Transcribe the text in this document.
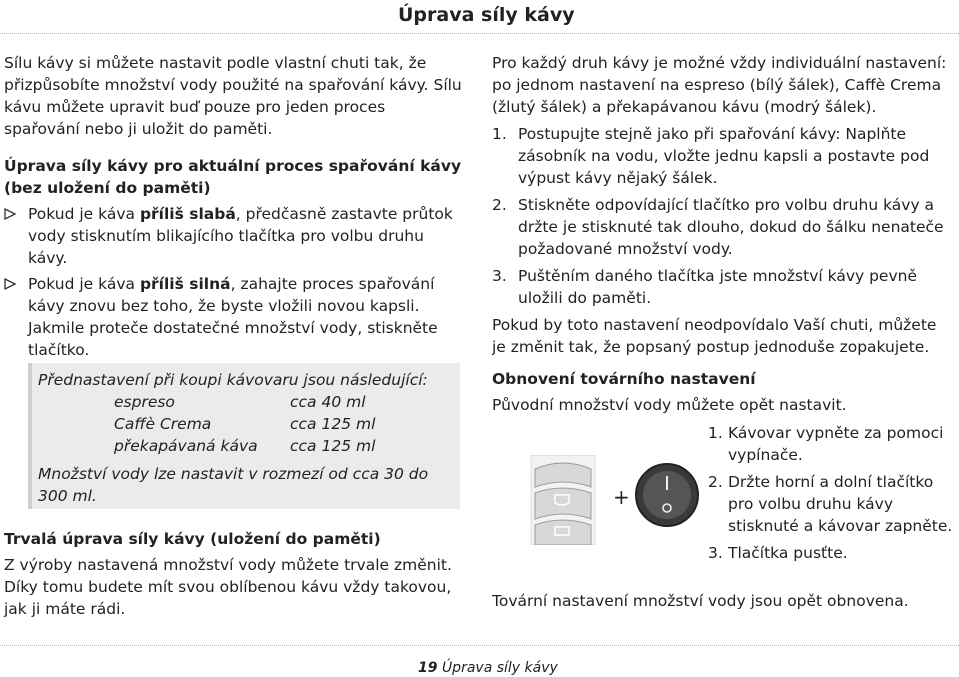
Úprava síly kávy

Sílu kávy si můžete nastavit podle vlastní chuti tak, že přizpůsobíte množství vody použité na spařování kávy. Sílu kávu můžete upravit buď pouze pro jeden proces spařování nebo ji uložit do paměti.

Úprava síly kávy pro aktuální proces spařování kávy (bez uložení do paměti)

Pokud je káva příliš slabá, předčasně zastavte průtok vody stisknutím blikajícího tlačítka pro volbu druhu kávy.
Pokud je káva příliš silná, zahajte proces spařování kávy znovu bez toho, že byste vložili novou kapsli. Jakmile proteče dostatečné množství vody, stiskněte tlačítko.
Přednastavení při koupi kávovaru jsou následující:
espreso	cca 40 ml
Caffè Crema	cca 125 ml
překapávaná káva	cca 125 ml
Množství vody lze nastavit v rozmezí od cca 30 do 300 ml.

Trvalá úprava síly kávy (uložení do paměti)

Z výroby nastavená množství vody můžete trvale změnit. Díky tomu budete mít svou oblíbenou kávu vždy takovou, jak ji máte rádi.

Pro každý druh kávy je možné vždy individuální nastavení: po jednom nastavení na espreso (bílý šálek), Caffè Crema (žlutý šálek) a překapávanou kávu (modrý šálek).

1. Postupujte stejně jako při spařování kávy: Naplňte zásobník na vodu, vložte jednu kapsli a postavte pod výpust kávy nějaký šálek.
2. Stiskněte odpovídající tlačítko pro volbu druhu kávy a držte je stisknuté tak dlouho, dokud do šálku nenateče požadované množství vody.
3. Puštěním daného tlačítka jste množství kávy pevně uložili do paměti.

Pokud by toto nastavení neodpovídalo Vaší chuti, můžete je změnit tak, že popsaný postup jednoduše zopakujete.

Obnovení továrního nastavení

Původní množství vody můžete opět nastavit.

+
1. Kávovar vypněte za pomoci vypínače.
2. Držte horní a dolní tlačítko pro volbu druhu kávy stisknuté a kávovar zapněte.
3. Tlačítka pusťte.

Tovární nastavení množství vody jsou opět obnovena.

19 Úprava síly kávy
